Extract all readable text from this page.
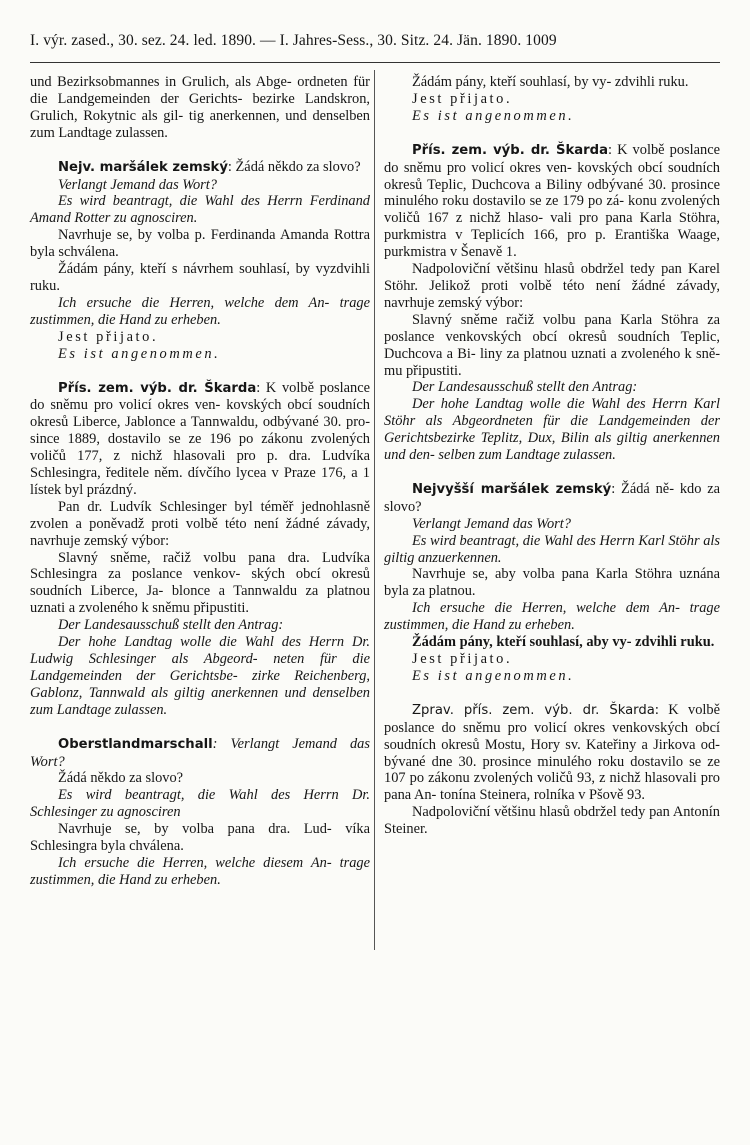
I. výr. zased., 30. sez. 24. led. 1890. — I. Jahres-Sess., 30. Sitz. 24. Jän. 1890. 1009

und Bezirksobmannes in Grulich, als Abge- ordneten für die Landgemeinden der Gerichts- bezirke Landskron, Grulich, Rokytnic als gil- tig anerkennen, und denselben zum Landtage zulassen.

Nejv. maršálek zemský: Žádá někdo za slovo?

Verlangt Jemand das Wort?

Es wird beantragt, die Wahl des Herrn Ferdinand Amand Rotter zu agnosciren.

Navrhuje se, by volba p. Ferdinanda Amanda Rottra byla schválena.

Žádám pány, kteří s návrhem souhlasí, by vyzdvihli ruku.

Ich ersuche die Herren, welche dem An- trage zustimmen, die Hand zu erheben.

Jest přijato.

Es ist angenommen.

Přís. zem. výb. dr. Škarda: K volbě poslance do sněmu pro volicí okres ven- kovských obcí soudních okresů Liberce, Jablonce a Tannwaldu, odbývané 30. pro- since 1889, dostavilo se ze 196 po zákonu zvolených voličů 177, z nichž hlasovali pro p. dra. Ludvíka Schlesingra, ředitele něm. dívčího lycea v Praze 176, a 1 lístek byl prázdný.

Pan dr. Ludvík Schlesinger byl téměř jednohlasně zvolen a poněvadž proti volbě této není žádné závady, navrhuje zemský výbor:

Slavný sněme, račiž volbu pana dra. Ludvíka Schlesingra za poslance venkov- ských obcí okresů soudních Liberce, Ja- blonce a Tannwaldu za platnou uznati a zvoleného k sněmu připustiti.

Der Landesausschuß stellt den Antrag:

Der hohe Landtag wolle die Wahl des Herrn Dr. Ludwig Schlesinger als Abgeord- neten für die Landgemeinden der Gerichtsbe- zirke Reichenberg, Gablonz, Tannwald als giltig anerkennen und denselben zum Landtage zulassen.

Oberstlandmarschall: Verlangt Jemand das Wort?

Žádá někdo za slovo?

Es wird beantragt, die Wahl des Herrn Dr. Schlesinger zu agnosciren

Navrhuje se, by volba pana dra. Lud- víka Schlesingra byla chválena.

Ich ersuche die Herren, welche diesem An- trage zustimmen, die Hand zu erheben.

Žádám pány, kteří souhlasí, by vy- zdvihli ruku.

Jest přijato.

Es ist angenommen.

Přís. zem. výb. dr. Škarda: K volbě poslance do sněmu pro volicí okres ven- kovských obcí soudních okresů Teplic, Duchcova a Biliny odbývané 30. prosince minulého roku dostavilo se ze 179 po zá- konu zvolených voličů 167 z nichž hlaso- vali pro pana Karla Stöhra, purkmistra v Teplicích 166, pro p. Erantiška Waage, purkmistra v Šenavě 1.

Nadpoloviční většinu hlasů obdržel tedy pan Karel Stöhr. Jelikož proti volbě této není žádné závady, navrhuje zemský výbor:

Slavný sněme račiž volbu pana Karla Stöhra za poslance venkovských obcí okresů soudních Teplic, Duchcova a Bi- liny za platnou uznati a zvoleného k sně- mu připustiti.

Der Landesausschuß stellt den Antrag:

Der hohe Landtag wolle die Wahl des Herrn Karl Stöhr als Abgeordneten für die Landgemeinden der Gerichtsbezirke Teplitz, Dux, Bilin als giltig anerkennen und den- selben zum Landtage zulassen.

Nejvyšší maršálek zemský: Žádá ně- kdo za slovo?

Verlangt Jemand das Wort?

Es wird beantragt, die Wahl des Herrn Karl Stöhr als giltig anzuerkennen.

Navrhuje se, aby volba pana Karla Stöhra uznána byla za platnou.

Ich ersuche die Herren, welche dem An- trage zustimmen, die Hand zu erheben.

Žádám pány, kteří souhlasí, aby vy- zdvihli ruku.

Jest přijato.

Es ist angenommen.

Zprav. přís. zem. výb. dr. Škarda: K volbě poslance do sněmu pro volicí okres venkovských obcí soudních okresů Mostu, Hory sv. Kateřiny a Jirkova od- bývané dne 30. prosince minulého roku dostavilo se ze 107 po zákonu zvolených voličů 93, z nichž hlasovali pro pana An- tonína Steinera, rolníka v Pšově 93.

Nadpoloviční většinu hlasů obdržel tedy pan Antonín Steiner.
